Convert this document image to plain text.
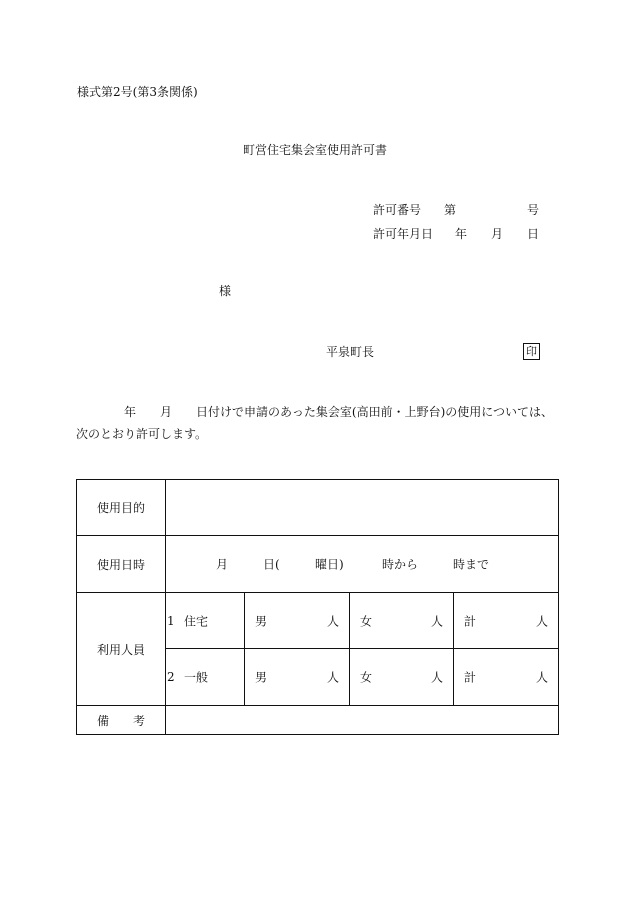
様式第2号(第3条関係)
町営住宅集会室使用許可書
許可番号 第	号
許可年月日 年 月 日
様
平泉町長	印
年 月 日付けで申請のあった集会室(高田前・上野台)の使用については、
次のとおり許可します。
使用目的				
使用日時	月 日( 曜日) 時から 時まで			

利用人員	1 住宅	男 人	女 人	計 人

	2 一般	男 人	女 人	計 人

備　　考				
